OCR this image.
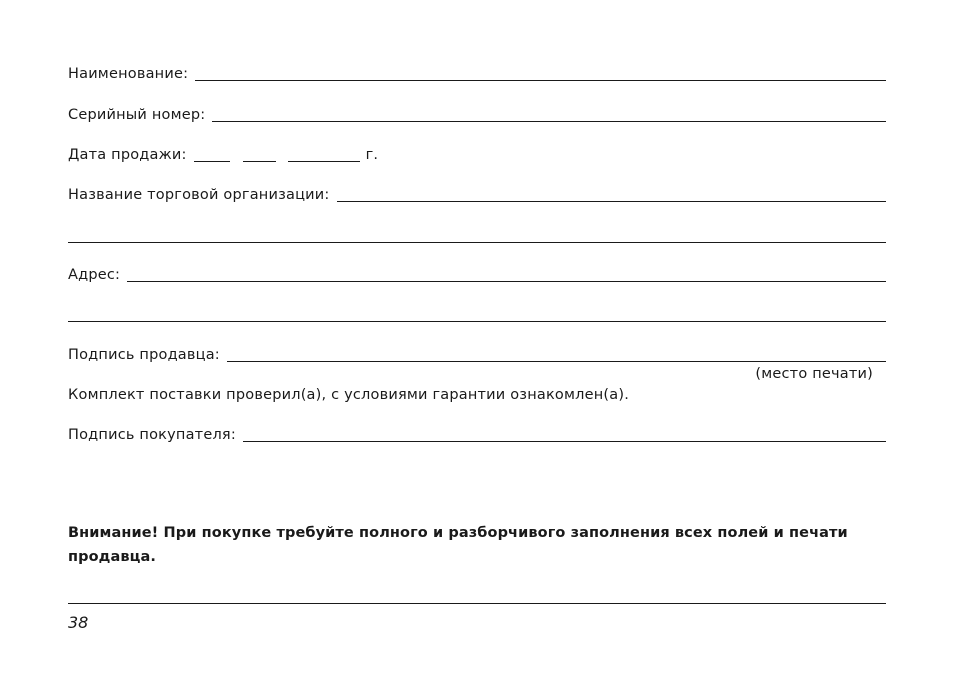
Наименование:
Серийный номер:
Дата продажи:	г.
Название торговой организации:
Адрес:
Подпись продавца:
(место печати)
Комплект поставки проверил(а), с условиями гарантии ознакомлен(а).
Подпись покупателя:
Внимание! При покупке требуйте полного и разборчивого заполнения всех полей и печати продавца.
38
